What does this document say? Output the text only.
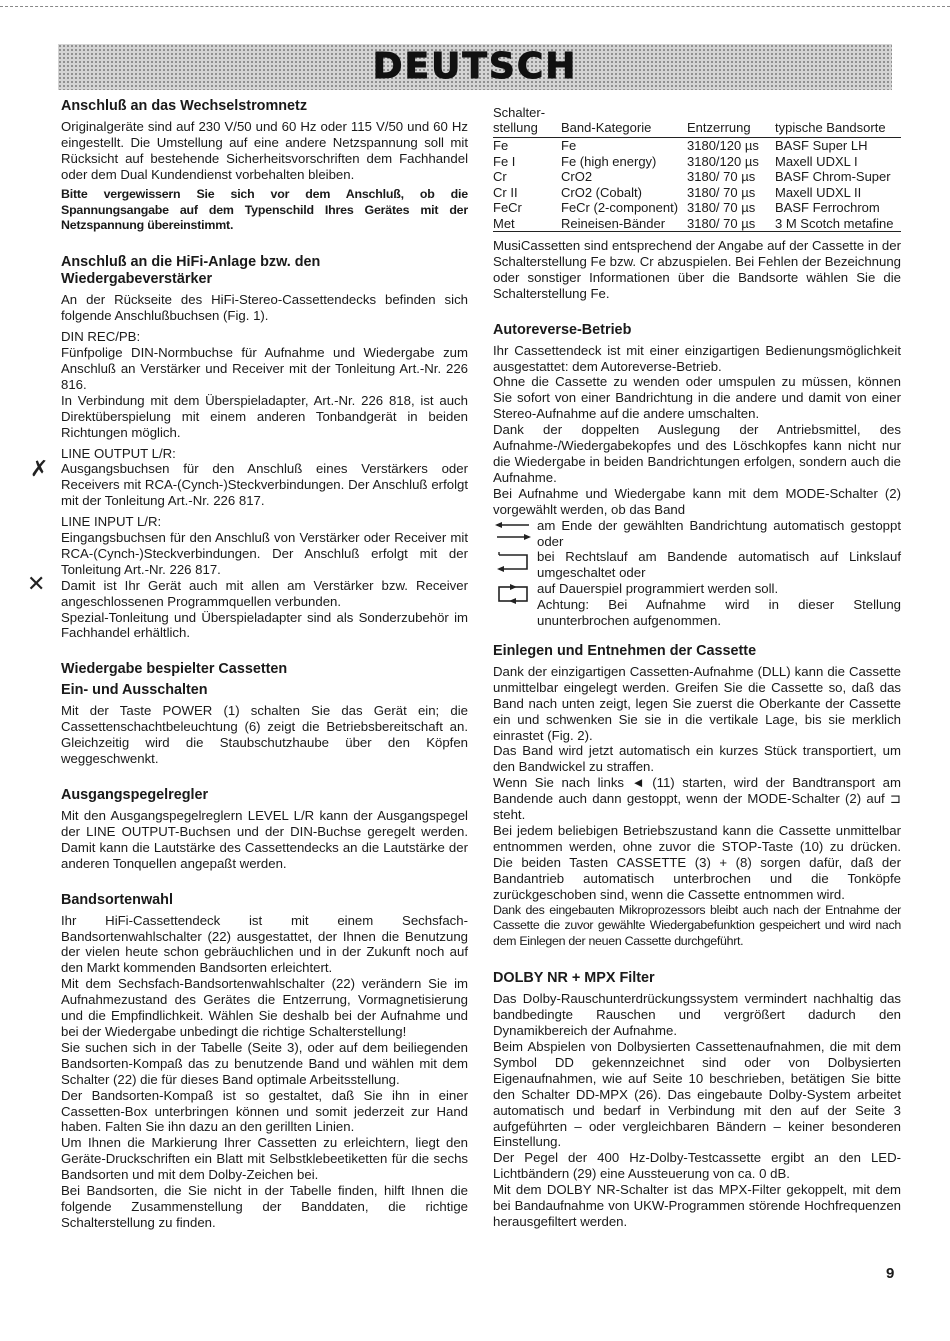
DEUTSCH
Anschluß an das Wechselstromnetz

Originalgeräte sind auf 230 V/50 und 60 Hz oder 115 V/50 und 60 Hz eingestellt. Die Umstellung auf eine andere Netzspannung soll mit Rücksicht auf bestehende Sicherheitsvorschriften dem Fachhandel oder dem Dual Kundendienst vorbehalten bleiben.

Bitte vergewissern Sie sich vor dem Anschluß, ob die Spannungsangabe auf dem Typenschild Ihres Gerätes mit der Netzspannung übereinstimmt.

Anschluß an die HiFi-Anlage bzw. den Wiedergabeverstärker

An der Rückseite des HiFi-Stereo-Cassettendecks befinden sich folgende Anschlußbuchsen (Fig. 1).

DIN REC/PB:

Fünfpolige DIN-Normbuchse für Aufnahme und Wiedergabe zum Anschluß an Verstärker und Receiver mit der Tonleitung Art.-Nr. 226 816.

In Verbindung mit dem Überspieladapter, Art.-Nr. 226 818, ist auch Direktüberspielung mit einem anderen Tonbandgerät in beiden Richtungen möglich.

LINE OUTPUT L/R:

Ausgangsbuchsen für den Anschluß eines Verstärkers oder Receivers mit RCA-(Cynch-)Steckverbindungen. Der Anschluß erfolgt mit der Tonleitung Art.-Nr. 226 817.

LINE INPUT L/R:

Eingangsbuchsen für den Anschluß von Verstärker oder Receiver mit RCA-(Cynch-)Steckverbindungen. Der Anschluß erfolgt mit der Tonleitung Art.-Nr. 226 817.

Damit ist Ihr Gerät auch mit allen am Verstärker bzw. Receiver angeschlossenen Programmquellen verbunden.

Spezial-Tonleitung und Überspieladapter sind als Sonderzubehör im Fachhandel erhältlich.

Wiedergabe bespielter Cassetten
Ein- und Ausschalten

Mit der Taste POWER (1) schalten Sie das Gerät ein; die Cassettenschachtbeleuchtung (6) zeigt die Betriebsbereitschaft an. Gleichzeitig wird die Staubschutzhaube über den Köpfen weggeschwenkt.

Ausgangspegelregler

Mit den Ausgangspegelreglern LEVEL L/R kann der Ausgangspegel der LINE OUTPUT-Buchsen und der DIN-Buchse geregelt werden. Damit kann die Lautstärke des Cassettendecks an die Lautstärke der anderen Tonquellen angepaßt werden.

Bandsortenwahl

Ihr HiFi-Cassettendeck ist mit einem Sechsfach-Bandsortenwahlschalter (22) ausgestattet, der Ihnen die Benutzung der vielen heute schon gebräuchlichen und in der Zukunft noch auf den Markt kommenden Bandsorten erleichtert.

Mit dem Sechsfach-Bandsortenwahlschalter (22) verändern Sie im Aufnahmezustand des Gerätes die Entzerrung, Vormagnetisierung und die Empfindlichkeit. Wählen Sie deshalb bei der Aufnahme und bei der Wiedergabe unbedingt die richtige Schalterstellung!

Sie suchen sich in der Tabelle (Seite 3), oder auf dem beiliegenden Bandsorten-Kompaß das zu benutzende Band und wählen mit dem Schalter (22) die für dieses Band optimale Arbeitsstellung.

Der Bandsorten-Kompaß ist so gestaltet, daß Sie ihn in einer Cassetten-Box unterbringen können und somit jederzeit zur Hand haben. Falten Sie ihn dazu an den gerillten Linien.

Um Ihnen die Markierung Ihrer Cassetten zu erleichtern, liegt den Geräte-Druckschriften ein Blatt mit Selbstklebeetiketten für die sechs Bandsorten und mit dem Dolby-Zeichen bei.

Bei Bandsorten, die Sie nicht in der Tabelle finden, hilft Ihnen die folgende Zusammenstellung der Banddaten, die richtige Schalterstellung zu finden.

✗
✕
Schalter-stellung	Band-Kategorie	Entzerrung	typische Bandsorte
Fe	Fe	3180/120 µs	BASF Super LH
Fe I	Fe (high energy)	3180/120 µs	Maxell UDXL I
Cr	CrO2	3180/ 70 µs	BASF Chrom-Super
Cr II	CrO2 (Cobalt)	3180/ 70 µs	Maxell UDXL II
FeCr	FeCr (2-component)	3180/ 70 µs	BASF Ferrochrom
Met	Reineisen-Bänder	3180/ 70 µs	3 M Scotch metafine

MusiCassetten sind entsprechend der Angabe auf der Cassette in der Schalterstellung Fe bzw. Cr abzuspielen. Bei Fehlen der Bezeichnung oder sonstiger Informationen über die Bandsorte wählen Sie die Schalterstellung Fe.

Autoreverse-Betrieb

Ihr Cassettendeck ist mit einer einzigartigen Bedienungsmöglichkeit ausgestattet: dem Autoreverse-Betrieb.

Ohne die Cassette zu wenden oder umspulen zu müssen, können Sie sofort von einer Bandrichtung in die andere und damit von einer Stereo-Aufnahme auf die andere umschalten.

Dank der doppelten Auslegung der Antriebsmittel, des Aufnahme-/Wiedergabekopfes und des Löschkopfes kann nicht nur die Wiedergabe in beiden Bandrichtungen erfolgen, sondern auch die Aufnahme.

Bei Aufnahme und Wiedergabe kann mit dem MODE-Schalter (2) vorgewählt werden, ob das Band

am Ende der gewählten Bandrichtung automatisch gestoppt oder

bei Rechtslauf am Bandende automatisch auf Linkslauf umgeschaltet oder

auf Dauerspiel programmiert werden soll.

Achtung: Bei Aufnahme wird in dieser Stellung ununterbrochen aufgenommen.

Einlegen und Entnehmen der Cassette

Dank der einzigartigen Cassetten-Aufnahme (DLL) kann die Cassette unmittelbar eingelegt werden. Greifen Sie die Cassette so, daß das Band nach unten zeigt, legen Sie zuerst die Oberkante der Cassette ein und schwenken Sie sie in die vertikale Lage, bis sie merklich einrastet (Fig. 2).

Das Band wird jetzt automatisch ein kurzes Stück transportiert, um den Bandwickel zu straffen.

Wenn Sie nach links ◄ (11) starten, wird der Bandtransport am Bandende auch dann gestoppt, wenn der MODE-Schalter (2) auf ⊐ steht.

Bei jedem beliebigen Betriebszustand kann die Cassette unmittelbar entnommen werden, ohne zuvor die STOP-Taste (10) zu drücken. Die beiden Tasten CASSETTE (3) + (8) sorgen dafür, daß der Bandantrieb automatisch unterbrochen und die Tonköpfe zurückgeschoben sind, wenn die Cassette entnommen wird.

Dank des eingebauten Mikroprozessors bleibt auch nach der Entnahme der Cassette die zuvor gewählte Wiedergabefunktion gespeichert und wird nach dem Einlegen der neuen Cassette durchgeführt.

DOLBY NR + MPX Filter

Das Dolby-Rauschunterdrückungssystem vermindert nachhaltig das bandbedingte Rauschen und vergrößert dadurch den Dynamikbereich der Aufnahme.

Beim Abspielen von Dolbysierten Cassettenaufnahmen, die mit dem Symbol DD gekennzeichnet sind oder von Dolbysierten Eigenaufnahmen, wie auf Seite 10 beschrieben, betätigen Sie bitte den Schalter DD-MPX (26). Das eingebaute Dolby-System arbeitet automatisch und bedarf in Verbindung mit den auf der Seite 3 aufgeführten – oder vergleichbaren Bändern – keiner besonderen Einstellung.

Der Pegel der 400 Hz-Dolby-Testcassette ergibt an den LED-Lichtbändern (29) eine Aussteuerung von ca. 0 dB.

Mit dem DOLBY NR-Schalter ist das MPX-Filter gekoppelt, mit dem bei Bandaufnahme von UKW-Programmen störende Hochfrequenzen herausgefiltert werden.

9
